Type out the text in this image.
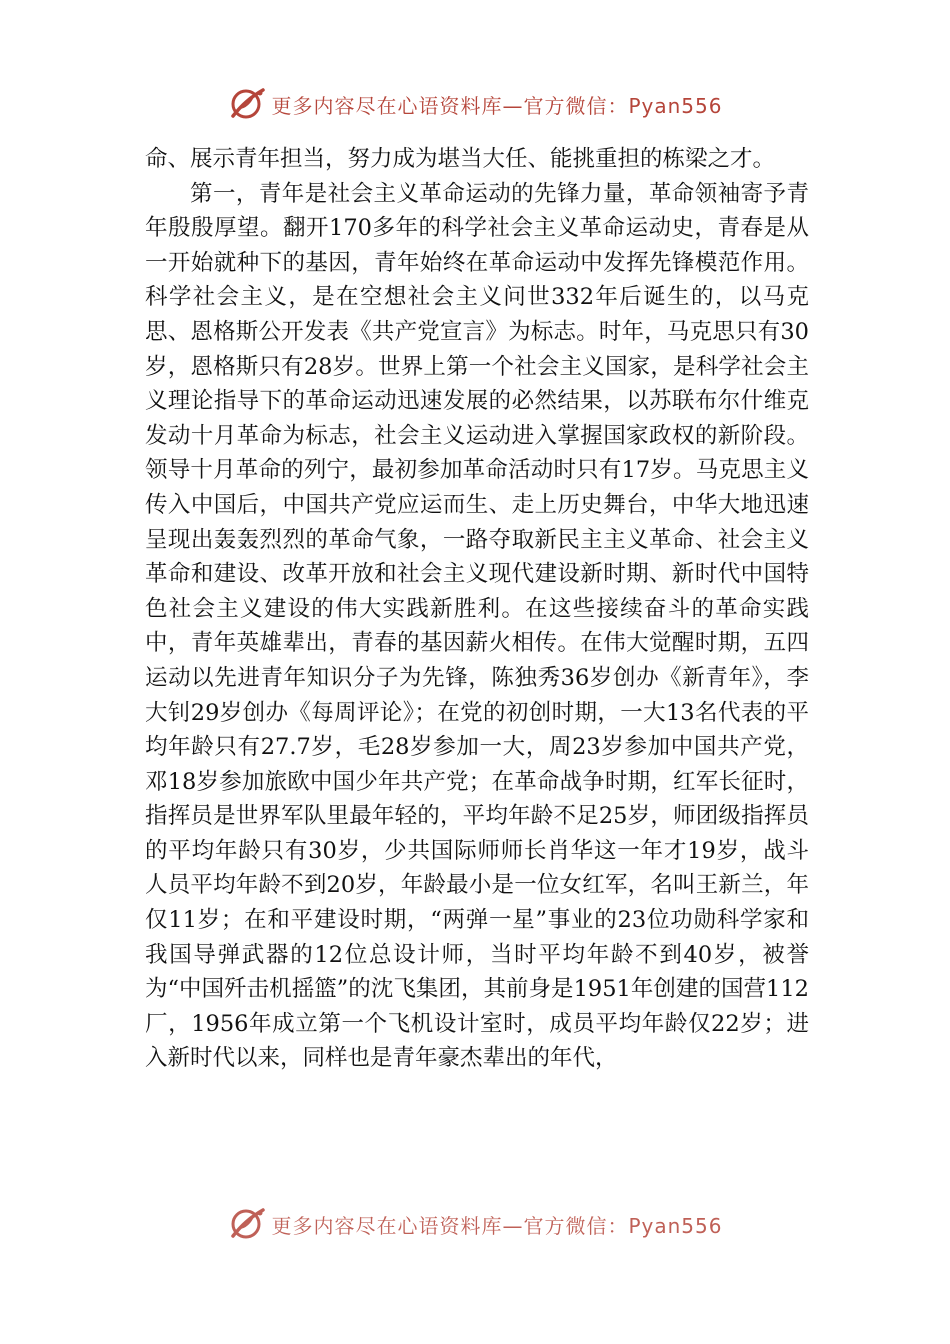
更多内容尽在心语资料库—官方微信：Pyan556

命、展示青年担当，努力成为堪当大任、能挑重担的栋梁之才。

第一，青年是社会主义革命运动的先锋力量，革命领袖寄予青年殷殷厚望。翻开170多年的科学社会主义革命运动史，青春是从一开始就种下的基因，青年始终在革命运动中发挥先锋模范作用。科学社会主义，是在空想社会主义问世332年后诞生的，以马克思、恩格斯公开发表《共产党宣言》为标志。时年，马克思只有30岁，恩格斯只有28岁。世界上第一个社会主义国家，是科学社会主义理论指导下的革命运动迅速发展的必然结果，以苏联布尔什维克发动十月革命为标志，社会主义运动进入掌握国家政权的新阶段。领导十月革命的列宁，最初参加革命活动时只有17岁。马克思主义传入中国后，中国共产党应运而生、走上历史舞台，中华大地迅速呈现出轰轰烈烈的革命气象，一路夺取新民主主义革命、社会主义革命和建设、改革开放和社会主义现代建设新时期、新时代中国特色社会主义建设的伟大实践新胜利。在这些接续奋斗的革命实践中，青年英雄辈出，青春的基因薪火相传。在伟大觉醒时期，五四运动以先进青年知识分子为先锋，陈独秀36岁创办《新青年》，李大钊29岁创办《每周评论》；在党的初创时期，一大13名代表的平均年龄只有27.7岁，毛28岁参加一大，周23岁参加中国共产党，邓18岁参加旅欧中国少年共产党；在革命战争时期，红军长征时，指挥员是世界军队里最年轻的，平均年龄不足25岁，师团级指挥员的平均年龄只有30岁，少共国际师师长肖华这一年才19岁，战斗人员平均年龄不到20岁，年龄最小是一位女红军，名叫王新兰，年仅11岁；在和平建设时期，“两弹一星”事业的23位功勋科学家和我国导弹武器的12位总设计师，当时平均年龄不到40岁，被誉为“中国歼击机摇篮”的沈飞集团，其前身是1951年创建的国营112厂，1956年成立第一个飞机设计室时，成员平均年龄仅22岁；进入新时代以来，同样也是青年豪杰辈出的年代，

更多内容尽在心语资料库—官方微信：Pyan556
